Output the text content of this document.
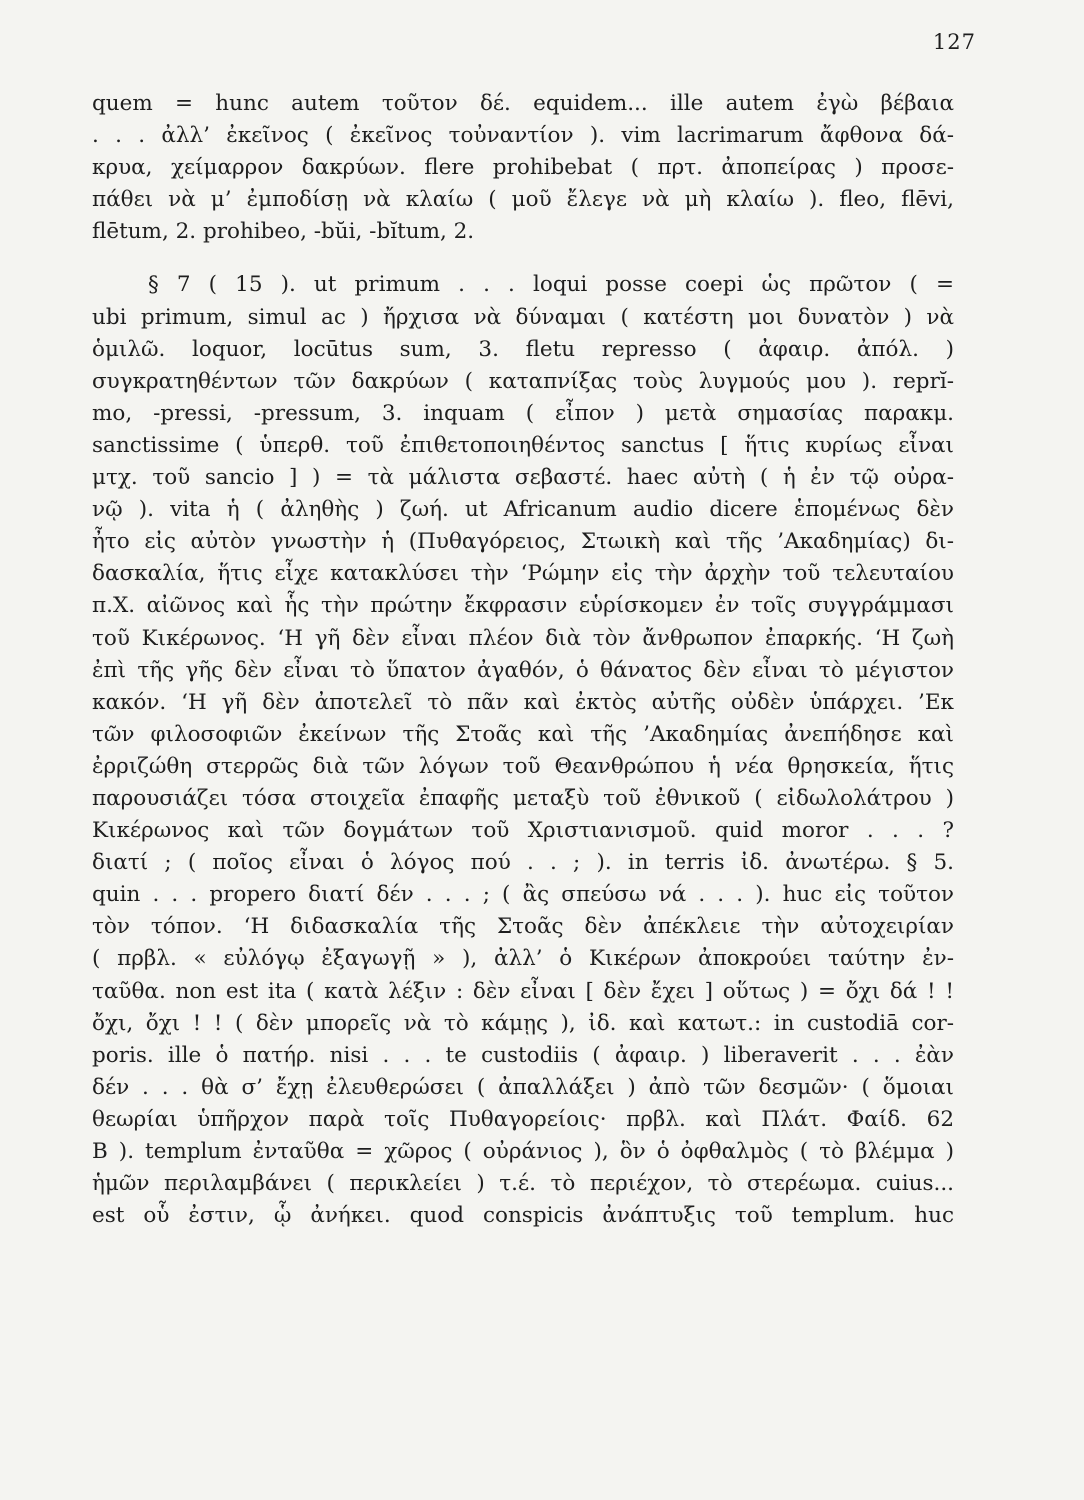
127
quem = hunc autem τοῦτον δέ. equidem... ille autem ἐγὼ βέβαια
. . . ἀλλ’ ἐκεῖνος ( ἐκεῖνος τοὐναντίον ). vim lacrimarum ἄφθονα δά-
κρυα, χείμαρρον δακρύων. flere prohibebat ( πρτ. ἀποπείρας ) προσε-
πάθει νὰ μ’ ἐμποδίσῃ νὰ κλαίω ( μοῦ ἔλεγε νὰ μὴ κλαίω ). fleo, flēvi,
flētum, 2. prohibeo, -bŭi, -bĭtum, 2.
§ 7 ( 15 ). ut primum . . . loqui posse coepi ὡς πρῶτον ( =
ubi primum, simul ac ) ἤρχισα νὰ δύναμαι ( κατέστη μοι δυνατὸν ) νὰ
ὁμιλῶ. loquor, locūtus sum, 3. fletu represso ( ἀφαιρ. ἀπόλ. )
συγκρατηθέντων τῶν δακρύων ( καταπνίξας τοὺς λυγμούς μου ). reprĭ-
mo, -pressi, -pressum, 3. inquam ( εἶπον ) μετὰ σημασίας παρακμ.
sanctissime ( ὑπερθ. τοῦ ἐπιθετοποιηθέντος sanctus [ ἥτις κυρίως εἶναι
μτχ. τοῦ sancio ] ) = τὰ μάλιστα σεβαστέ. haec αὐτὴ ( ἡ ἐν τῷ οὐρα-
νῷ ). vita ἡ ( ἀληθὴς ) ζωή. ut Africanum audio dicere ἑπομένως δὲν
ἦτο εἰς αὐτὸν γνωστὴν ἡ (Πυθαγόρειος, Στωικὴ καὶ τῆς ’Ακαδημίας) δι-
δασκαλία, ἥτις εἶχε κατακλύσει τὴν ‘Ρώμην εἰς τὴν ἀρχὴν τοῦ τελευταίου
π.Χ. αἰῶνος καὶ ἧς τὴν πρώτην ἔκφρασιν εὑρίσκομεν ἐν τοῖς συγγράμμασι
τοῦ Κικέρωνος. ‘Η γῆ δὲν εἶναι πλέον διὰ τὸν ἄνθρωπον ἐπαρκής. ‘Η ζωὴ
ἐπὶ τῆς γῆς δὲν εἶναι τὸ ὕπατον ἀγαθόν, ὁ θάνατος δὲν εἶναι τὸ μέγιστον
κακόν. ‘Η γῆ δὲν ἀποτελεῖ τὸ πᾶν καὶ ἐκτὸς αὐτῆς οὐδὲν ὑπάρχει. ’Εκ
τῶν φιλοσοφιῶν ἐκείνων τῆς Στοᾶς καὶ τῆς ’Ακαδημίας ἀνεπήδησε καὶ
ἐρριζώθη στερρῶς διὰ τῶν λόγων τοῦ Θεανθρώπου ἡ νέα θρησκεία, ἥτις
παρουσιάζει τόσα στοιχεῖα ἐπαφῆς μεταξὺ τοῦ ἐθνικοῦ ( εἰδωλολάτρου )
Κικέρωνος καὶ τῶν δογμάτων τοῦ Χριστιανισμοῦ. quid moror . . . ?
διατί ; ( ποῖος εἶναι ὁ λόγος πού . . ; ). in terris ἰδ. ἀνωτέρω. § 5.
quin . . . propero διατί δέν . . . ; ( ἂς σπεύσω νά . . . ). huc εἰς τοῦτον
τὸν τόπον. ‘Η διδασκαλία τῆς Στοᾶς δὲν ἀπέκλειε τὴν αὐτοχειρίαν
( πρβλ. « εὐλόγῳ ἐξαγωγῇ » ), ἀλλ’ ὁ Κικέρων ἀποκρούει ταύτην ἐν-
ταῦθα. non est ita ( κατὰ λέξιν : δὲν εἶναι [ δὲν ἔχει ] οὕτως ) = ὄχι δά ! !
ὄχι, ὄχι ! ! ( δὲν μπορεῖς νὰ τὸ κάμῃς ), ἰδ. καὶ κατωτ.: in custodiā cor-
poris. ille ὁ πατήρ. nisi . . . te custodiis ( ἀφαιρ. ) liberaverit . . . ἐὰν
δέν . . . θὰ σ’ ἔχῃ ἐλευθερώσει ( ἀπαλλάξει ) ἀπὸ τῶν δεσμῶν· ( ὅμοιαι
θεωρίαι ὑπῆρχον παρὰ τοῖς Πυθαγορείοις· πρβλ. καὶ Πλάτ. Φαίδ. 62
Β ). templum ἐνταῦθα = χῶρος ( οὐράνιος ), ὃν ὁ ὀφθαλμὸς ( τὸ βλέμμα )
ἡμῶν περιλαμβάνει ( περικλείει ) τ.έ. τὸ περιέχον, τὸ στερέωμα. cuius...
est οὗ ἐστιν, ᾧ ἀνήκει. quod conspicis ἀνάπτυξις τοῦ templum. huc
